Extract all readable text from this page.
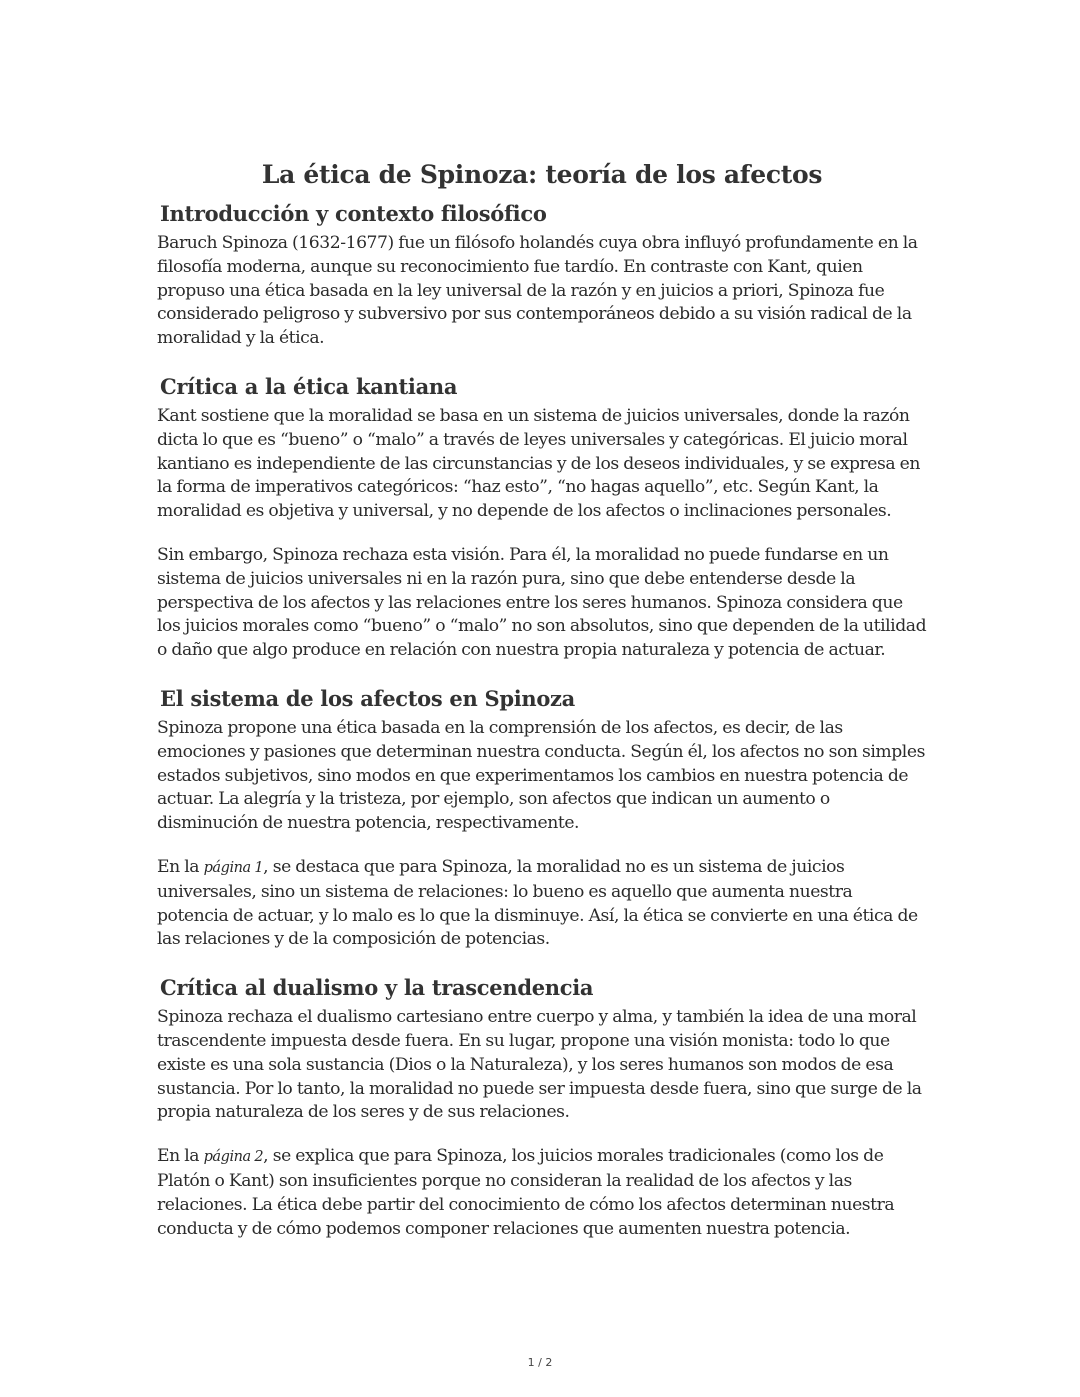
La ética de Spinoza: teoría de los afectos
Introducción y contexto filosófico

Baruch Spinoza (1632-1677) fue un filósofo holandés cuya obra influyó profundamente en la filosofía moderna, aunque su reconocimiento fue tardío. En contraste con Kant, quien propuso una ética basada en la ley universal de la razón y en juicios a priori, Spinoza fue considerado peligroso y subversivo por sus contemporáneos debido a su visión radical de la moralidad y la ética.

Crítica a la ética kantiana

Kant sostiene que la moralidad se basa en un sistema de juicios universales, donde la razón dicta lo que es “bueno” o “malo” a través de leyes universales y categóricas. El juicio moral kantiano es independiente de las circunstancias y de los deseos individuales, y se expresa en la forma de imperativos categóricos: “haz esto”, “no hagas aquello”, etc. Según Kant, la moralidad es objetiva y universal, y no depende de los afectos o inclinaciones personales.

Sin embargo, Spinoza rechaza esta visión. Para él, la moralidad no puede fundarse en un sistema de juicios universales ni en la razón pura, sino que debe entenderse desde la perspectiva de los afectos y las relaciones entre los seres humanos. Spinoza considera que los juicios morales como “bueno” o “malo” no son absolutos, sino que dependen de la utilidad o daño que algo produce en relación con nuestra propia naturaleza y potencia de actuar.

El sistema de los afectos en Spinoza

Spinoza propone una ética basada en la comprensión de los afectos, es decir, de las emociones y pasiones que determinan nuestra conducta. Según él, los afectos no son simples estados subjetivos, sino modos en que experimentamos los cambios en nuestra potencia de actuar. La alegría y la tristeza, por ejemplo, son afectos que indican un aumento o disminución de nuestra potencia, respectivamente.

En la página 1, se destaca que para Spinoza, la moralidad no es un sistema de juicios universales, sino un sistema de relaciones: lo bueno es aquello que aumenta nuestra potencia de actuar, y lo malo es lo que la disminuye. Así, la ética se convierte en una ética de las relaciones y de la composición de potencias.

Crítica al dualismo y la trascendencia

Spinoza rechaza el dualismo cartesiano entre cuerpo y alma, y también la idea de una moral trascendente impuesta desde fuera. En su lugar, propone una visión monista: todo lo que existe es una sola sustancia (Dios o la Naturaleza), y los seres humanos son modos de esa sustancia. Por lo tanto, la moralidad no puede ser impuesta desde fuera, sino que surge de la propia naturaleza de los seres y de sus relaciones.

En la página 2, se explica que para Spinoza, los juicios morales tradicionales (como los de Platón o Kant) son insuficientes porque no consideran la realidad de los afectos y las relaciones. La ética debe partir del conocimiento de cómo los afectos determinan nuestra conducta y de cómo podemos componer relaciones que aumenten nuestra potencia.

1 / 2
